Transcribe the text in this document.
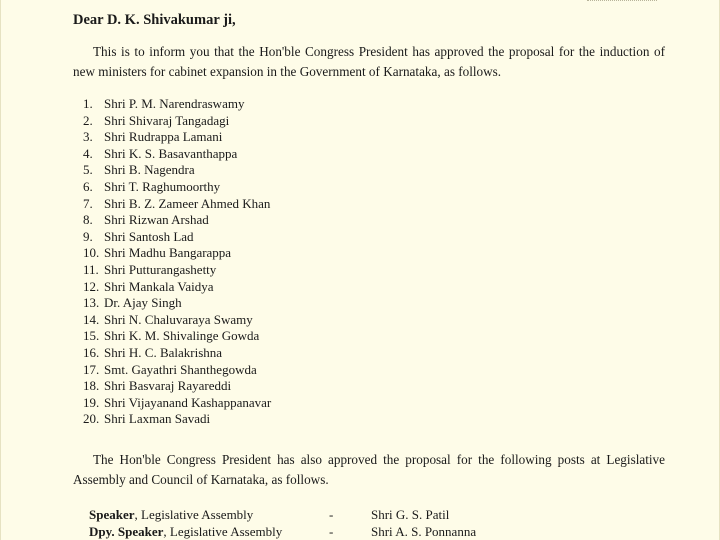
Dear D. K. Shivakumar ji,
This is to inform you that the Hon'ble Congress President has approved the proposal for the induction of new ministers for cabinet expansion in the Government of Karnataka, as follows.
1. Shri P. M. Narendraswamy
2. Shri Shivaraj Tangadagi
3. Shri Rudrappa Lamani
4. Shri K. S. Basavanthappa
5. Shri B. Nagendra
6. Shri T. Raghumoorthy
7. Shri B. Z. Zameer Ahmed Khan
8. Shri Rizwan Arshad
9. Shri Santosh Lad
10. Shri Madhu Bangarappa
11. Shri Putturangashetty
12. Shri Mankala Vaidya
13. Dr. Ajay Singh
14. Shri N. Chaluvaraya Swamy
15. Shri K. M. Shivalinge Gowda
16. Shri H. C. Balakrishna
17. Smt. Gayathri Shanthegowda
18. Shri Basvaraj Rayareddi
19. Shri Vijayanand Kashappanavar
20. Shri Laxman Savadi
The Hon'ble Congress President has also approved the proposal for the following posts at Legislative Assembly and Council of Karnataka, as follows.
Speaker, Legislative Assembly	-	Shri G. S. Patil
Dpy. Speaker, Legislative Assembly	-	Shri A. S. Ponnanna
